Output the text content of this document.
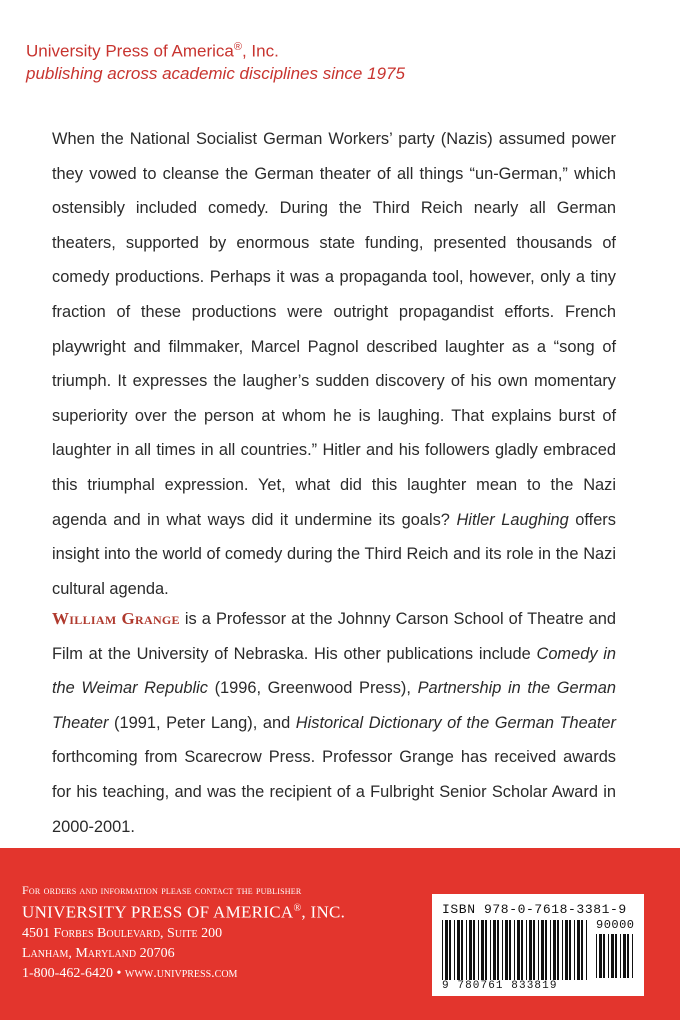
University Press of America®, Inc.
publishing across academic disciplines since 1975
When the National Socialist German Workers’ party (Nazis) assumed power they vowed to cleanse the German theater of all things “un-German,” which ostensibly included comedy. During the Third Reich nearly all German theaters, supported by enormous state funding, presented thousands of comedy productions. Perhaps it was a propaganda tool, however, only a tiny fraction of these productions were outright propagandist efforts. French playwright and filmmaker, Marcel Pagnol described laughter as a “song of triumph. It expresses the laugher’s sudden discovery of his own momentary superiority over the person at whom he is laughing. That explains burst of laughter in all times in all countries.” Hitler and his followers gladly embraced this triumphal expression. Yet, what did this laughter mean to the Nazi agenda and in what ways did it undermine its goals? Hitler Laughing offers insight into the world of comedy during the Third Reich and its role in the Nazi cultural agenda.
William Grange is a Professor at the Johnny Carson School of Theatre and Film at the University of Nebraska. His other publications include Comedy in the Weimar Republic (1996, Greenwood Press), Partnership in the German Theater (1991, Peter Lang), and Historical Dictionary of the German Theater forthcoming from Scarecrow Press. Professor Grange has received awards for his teaching, and was the recipient of a Fulbright Senior Scholar Award in 2000-2001.
For orders and information please contact the publisher
UNIVERSITY PRESS OF AMERICA®, INC.
4501 Forbes Boulevard, Suite 200
Lanham, Maryland 20706
1-800-462-6420 • www.univpress.com
ISBN 978-0-7618-3381-9
90000
9 780761 833819
